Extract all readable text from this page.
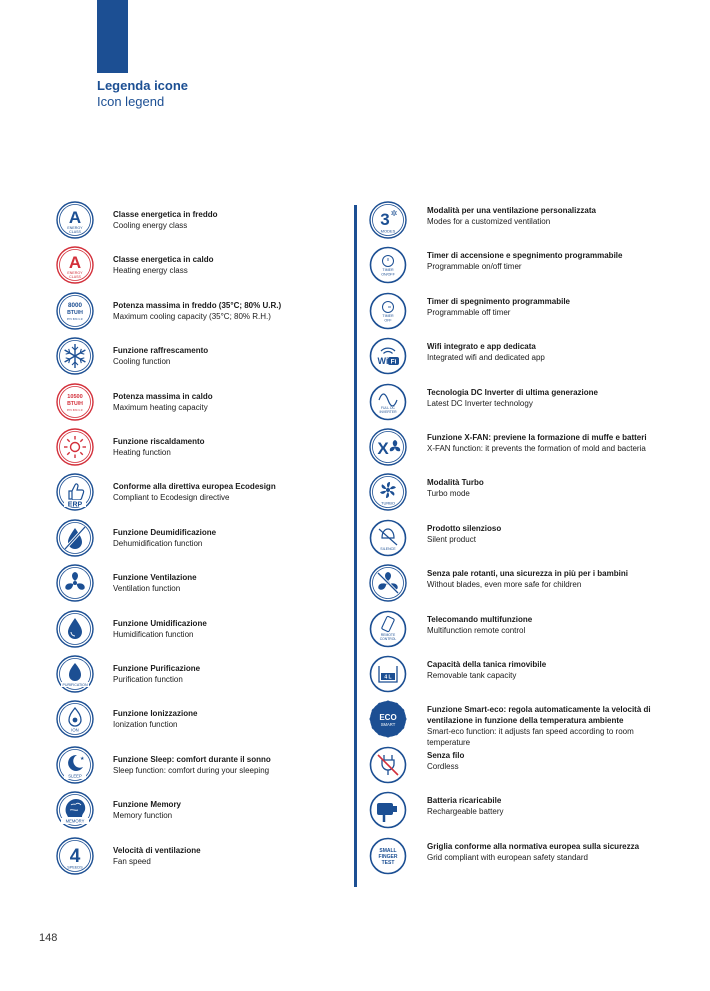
Legenda icone
Icon legend
A
ENERGY
CLASS
Classe energetica in freddo
Cooling energy class
A
ENERGY
CLASS
Classe energetica in caldo
Heating energy class
8000
BTU/H
35°C 80% U.R.
Potenza massima in freddo (35°C; 80% U.R.)
Maximum cooling capacity (35°C; 80% R.H.)
Funzione raffrescamento
Cooling function
10500
BTU/H
35°C 80% U.R.
Potenza massima in caldo
Maximum heating capacity
Funzione riscaldamento
Heating function
ERP
Conforme alla direttiva europea Ecodesign
Compliant to Ecodesign directive
Funzione Deumidificazione
Dehumidification function
Funzione Ventilazione
Ventilation function
Funzione Umidificazione
Humidification function
PURIFICATION
Funzione Purificazione
Purification function
ION
Funzione Ionizzazione
Ionization function
★
SLEEP
Funzione Sleep: comfort durante il sonno
Sleep function: comfort during your sleeping
MEMORY
Funzione Memory
Memory function
4
SPEEDS
Velocità di ventilazione
Fan speed
3 ✲
MODES
Modalità per una ventilazione personalizzata
Modes for a customized ventilation
TIMER
ON/OFF
Timer di accensione e spegnimento programmabile
Programmable on/off timer
TIMER
OFF
Timer di spegnimento programmabile
Programmable off timer
Wi Fi
Wifi integrato e app dedicata
Integrated wifi and dedicated app
FULL DC
INVERTER
Tecnologia DC Inverter di ultima generazione
Latest DC Inverter technology
X
Funzione X-FAN: previene la formazione di muffe e batteri
X-FAN function: it prevents the formation of mold and bacteria
TURBO
Modalità Turbo
Turbo mode
SILENCE
Prodotto silenzioso
Silent product
Senza pale rotanti, una sicurezza in più per i bambini
Without blades, even more safe for children
REMOTE
CONTROL
Telecomando multifunzione
Multifunction remote control
4 L
Capacità della tanica rimovibile
Removable tank capacity
ECO
SMART
Funzione Smart-eco: regola automaticamente la velocità di ventilazione in funzione della temperatura ambiente
Smart-eco function: it adjusts fan speed according to room temperature
Senza filo
Cordless
Batteria ricaricabile
Rechargeable battery
SMALL
FINGER
TEST
Griglia conforme alla normativa europea sulla sicurezza
Grid compliant with european safety standard
148
